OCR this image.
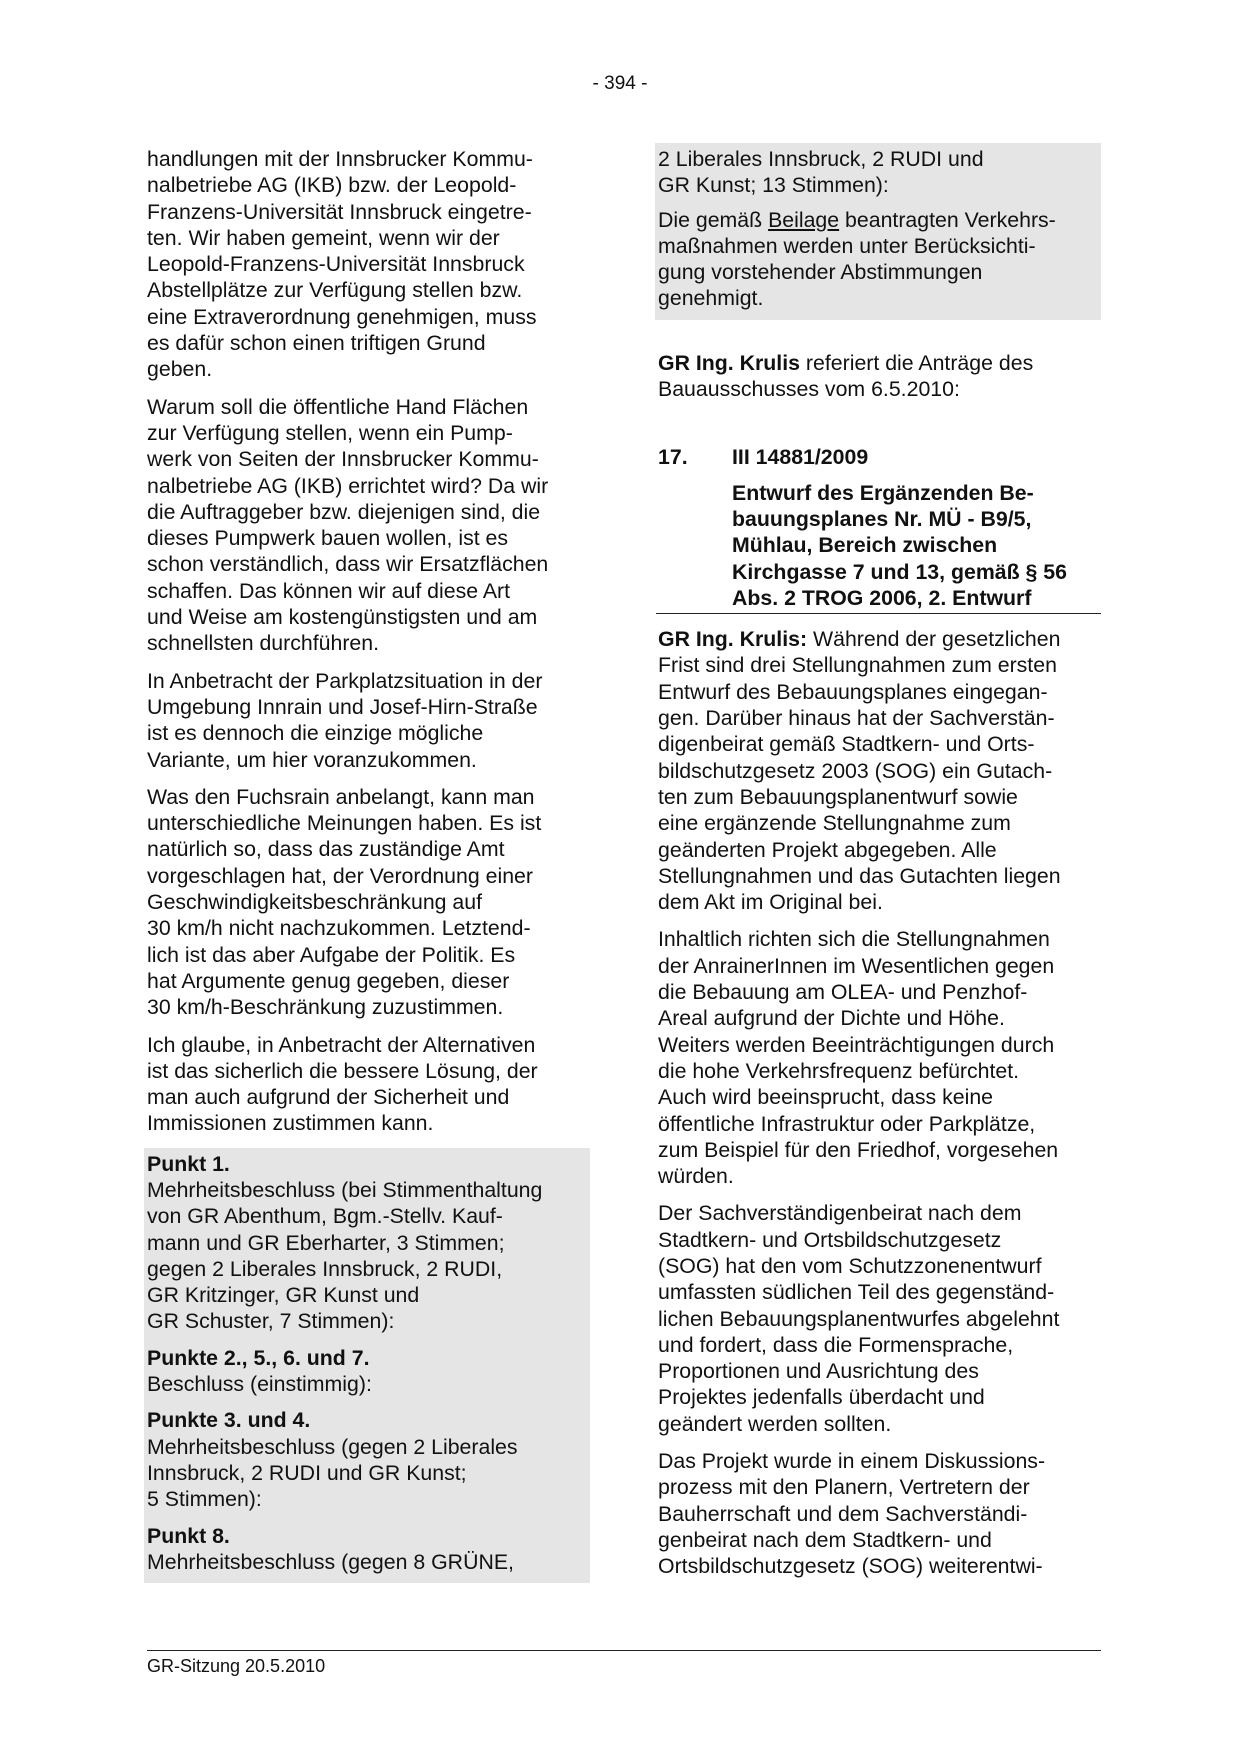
- 394 -

handlungen mit der Innsbrucker Kommu-
nalbetriebe AG (IKB) bzw. der Leopold-
Franzens-Universität Innsbruck eingetre-
ten. Wir haben gemeint, wenn wir der
Leopold-Franzens-Universität Innsbruck
Abstellplätze zur Verfügung stellen bzw.
eine Extraverordnung genehmigen, muss
es dafür schon einen triftigen Grund
geben.

Warum soll die öffentliche Hand Flächen
zur Verfügung stellen, wenn ein Pump-
werk von Seiten der Innsbrucker Kommu-
nalbetriebe AG (IKB) errichtet wird? Da wir
die Auftraggeber bzw. diejenigen sind, die
dieses Pumpwerk bauen wollen, ist es
schon verständlich, dass wir Ersatzflächen
schaffen. Das können wir auf diese Art
und Weise am kostengünstigsten und am
schnellsten durchführen.

In Anbetracht der Parkplatzsituation in der
Umgebung Innrain und Josef-Hirn-Straße
ist es dennoch die einzige mögliche
Variante, um hier voranzukommen.

Was den Fuchsrain anbelangt, kann man
unterschiedliche Meinungen haben. Es ist
natürlich so, dass das zuständige Amt
vorgeschlagen hat, der Verordnung einer
Geschwindigkeitsbeschränkung auf
30 km/h nicht nachzukommen. Letztend-
lich ist das aber Aufgabe der Politik. Es
hat Argumente genug gegeben, dieser
30 km/h-Beschränkung zuzustimmen.

Ich glaube, in Anbetracht der Alternativen
ist das sicherlich die bessere Lösung, der
man auch aufgrund der Sicherheit und
Immissionen zustimmen kann.

Punkt 1.
Mehrheitsbeschluss (bei Stimmenthaltung
von GR Abenthum, Bgm.-Stellv. Kauf-
mann und GR Eberharter, 3 Stimmen;
gegen 2 Liberales Innsbruck, 2 RUDI,
GR Kritzinger, GR Kunst und
GR Schuster, 7 Stimmen):
Punkte 2., 5., 6. und 7.
Beschluss (einstimmig):
Punkte 3. und 4.
Mehrheitsbeschluss (gegen 2 Liberales
Innsbruck, 2 RUDI und GR Kunst;
5 Stimmen):
Punkt 8.
Mehrheitsbeschluss (gegen 8 GRÜNE,

2 Liberales Innsbruck, 2 RUDI und
GR Kunst; 13 Stimmen):

Die gemäß Beilage beantragten Verkehrs-
maßnahmen werden unter Berücksichti-
gung vorstehender Abstimmungen
genehmigt.

GR Ing. Krulis referiert die Anträge des
Bauausschusses vom 6.5.2010:

17.	III 14881/2009
Entwurf des Ergänzenden Be-
bauungsplanes Nr. MÜ - B9/5,
Mühlau, Bereich zwischen
Kirchgasse 7 und 13, gemäß § 56
Abs. 2 TROG 2006, 2. Entwurf

GR Ing. Krulis: Während der gesetzlichen
Frist sind drei Stellungnahmen zum ersten
Entwurf des Bebauungsplanes eingegan-
gen. Darüber hinaus hat der Sachverstän-
digenbeirat gemäß Stadtkern- und Orts-
bildschutzgesetz 2003 (SOG) ein Gutach-
ten zum Bebauungsplanentwurf sowie
eine ergänzende Stellungnahme zum
geänderten Projekt abgegeben. Alle
Stellungnahmen und das Gutachten liegen
dem Akt im Original bei.

Inhaltlich richten sich die Stellungnahmen
der AnrainerInnen im Wesentlichen gegen
die Bebauung am OLEA- und Penzhof-
Areal aufgrund der Dichte und Höhe.
Weiters werden Beeinträchtigungen durch
die hohe Verkehrsfrequenz befürchtet.
Auch wird beeinsprucht, dass keine
öffentliche Infrastruktur oder Parkplätze,
zum Beispiel für den Friedhof, vorgesehen
würden.

Der Sachverständigenbeirat nach dem
Stadtkern- und Ortsbildschutzgesetz
(SOG) hat den vom Schutzzonenentwurf
umfassten südlichen Teil des gegenständ-
lichen Bebauungsplanentwurfes abgelehnt
und fordert, dass die Formensprache,
Proportionen und Ausrichtung des
Projektes jedenfalls überdacht und
geändert werden sollten.

Das Projekt wurde in einem Diskussions-
prozess mit den Planern, Vertretern der
Bauherrschaft und dem Sachverständi-
genbeirat nach dem Stadtkern- und
Ortsbildschutzgesetz (SOG) weiterentwi-

GR-Sitzung 20.5.2010
